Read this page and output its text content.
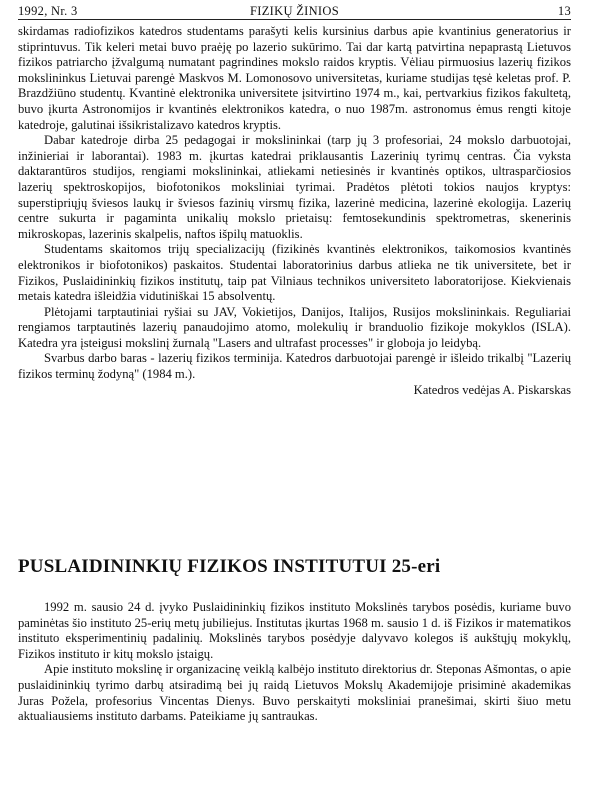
1992, Nr. 3	FIZIKŲ ŽINIOS	13

skirdamas radiofizikos katedros studentams parašyti kelis kursinius darbus apie kvantinius generatorius ir stiprintuvus. Tik keleri metai buvo praėję po lazerio sukūrimo. Tai dar kartą patvirtina nepaprastą Lietuvos fizikos patriarcho įžvalgumą numatant pagrindines mokslo raidos kryptis. Vėliau pirmuosius lazerių fizikos mokslininkus Lietuvai parengė Maskvos M. Lomonosovo universitetas, kuriame studijas tęsė keletas prof. P. Brazdžiūno studentų. Kvantinė elektronika universitete įsitvirtino 1974 m., kai, pertvarkius fizikos fakultetą, buvo įkurta Astronomijos ir kvantinės elektronikos katedra, o nuo 1987m. astronomus ėmus rengti kitoje katedroje, galutinai išsikristalizavo katedros kryptis.

Dabar katedroje dirba 25 pedagogai ir mokslininkai (tarp jų 3 profesoriai, 24 mokslo darbuotojai, inžinieriai ir laborantai). 1983 m. įkurtas katedrai priklausantis Lazerinių tyrimų centras. Čia vyksta daktarantūros studijos, rengiami mokslininkai, atliekami netiesinės ir kvantinės optikos, ultrasparčiosios lazerių spektroskopijos, biofotonikos moksliniai tyrimai. Pradėtos plėtoti tokios naujos kryptys: superstipriųjų šviesos laukų ir šviesos fazinių virsmų fizika, lazerinė medicina, lazerinė ekologija. Lazerių centre sukurta ir pagaminta unikalių mokslo prietaisų: femtosekundinis spektrometras, skenerinis mikroskopas, lazerinis skalpelis, naftos išpilų matuoklis.

Studentams skaitomos trijų specializacijų (fizikinės kvantinės elektronikos, taikomosios kvantinės elektronikos ir biofotonikos) paskaitos. Studentai laboratorinius darbus atlieka ne tik universitete, bet ir Fizikos, Puslaidininkių fizikos institutų, taip pat Vilniaus technikos universiteto laboratorijose. Kiekvienais metais katedra išleidžia vidutiniškai 15 absolventų.

Plėtojami tarptautiniai ryšiai su JAV, Vokietijos, Danijos, Italijos, Rusijos mokslininkais. Reguliariai rengiamos tarptautinės lazerių panaudojimo atomo, molekulių ir branduolio fizikoje mokyklos (ISLA). Katedra yra įsteigusi mokslinį žurnalą "Lasers and ultrafast processes" ir globoja jo leidybą.

Svarbus darbo baras - lazerių fizikos terminija. Katedros darbuotojai parengė ir išleido trikalbį "Lazerių fizikos terminų žodyną" (1984 m.).

Katedros vedėjas A. Piskarskas

PUSLAIDININKIŲ FIZIKOS INSTITUTUI 25-eri

1992 m. sausio 24 d. įvyko Puslaidininkių fizikos instituto Mokslinės tarybos posėdis, kuriame buvo paminėtas šio instituto 25-erių metų jubiliejus. Institutas įkurtas 1968 m. sausio 1 d. iš Fizikos ir matematikos instituto eksperimentinių padalinių. Mokslinės tarybos posėdyje dalyvavo kolegos iš aukštųjų mokyklų, Fizikos instituto ir kitų mokslo įstaigų.

Apie instituto mokslinę ir organizacinę veiklą kalbėjo instituto direktorius dr. Steponas Ašmontas, o apie puslaidininkių tyrimo darbų atsiradimą bei jų raidą Lietuvos Mokslų Akademijoje prisiminė akademikas Juras Požela, profesorius Vincentas Dienys. Buvo perskaityti moksliniai pranešimai, skirti šiuo metu aktualiausiems instituto darbams. Pateikiame jų santraukas.
